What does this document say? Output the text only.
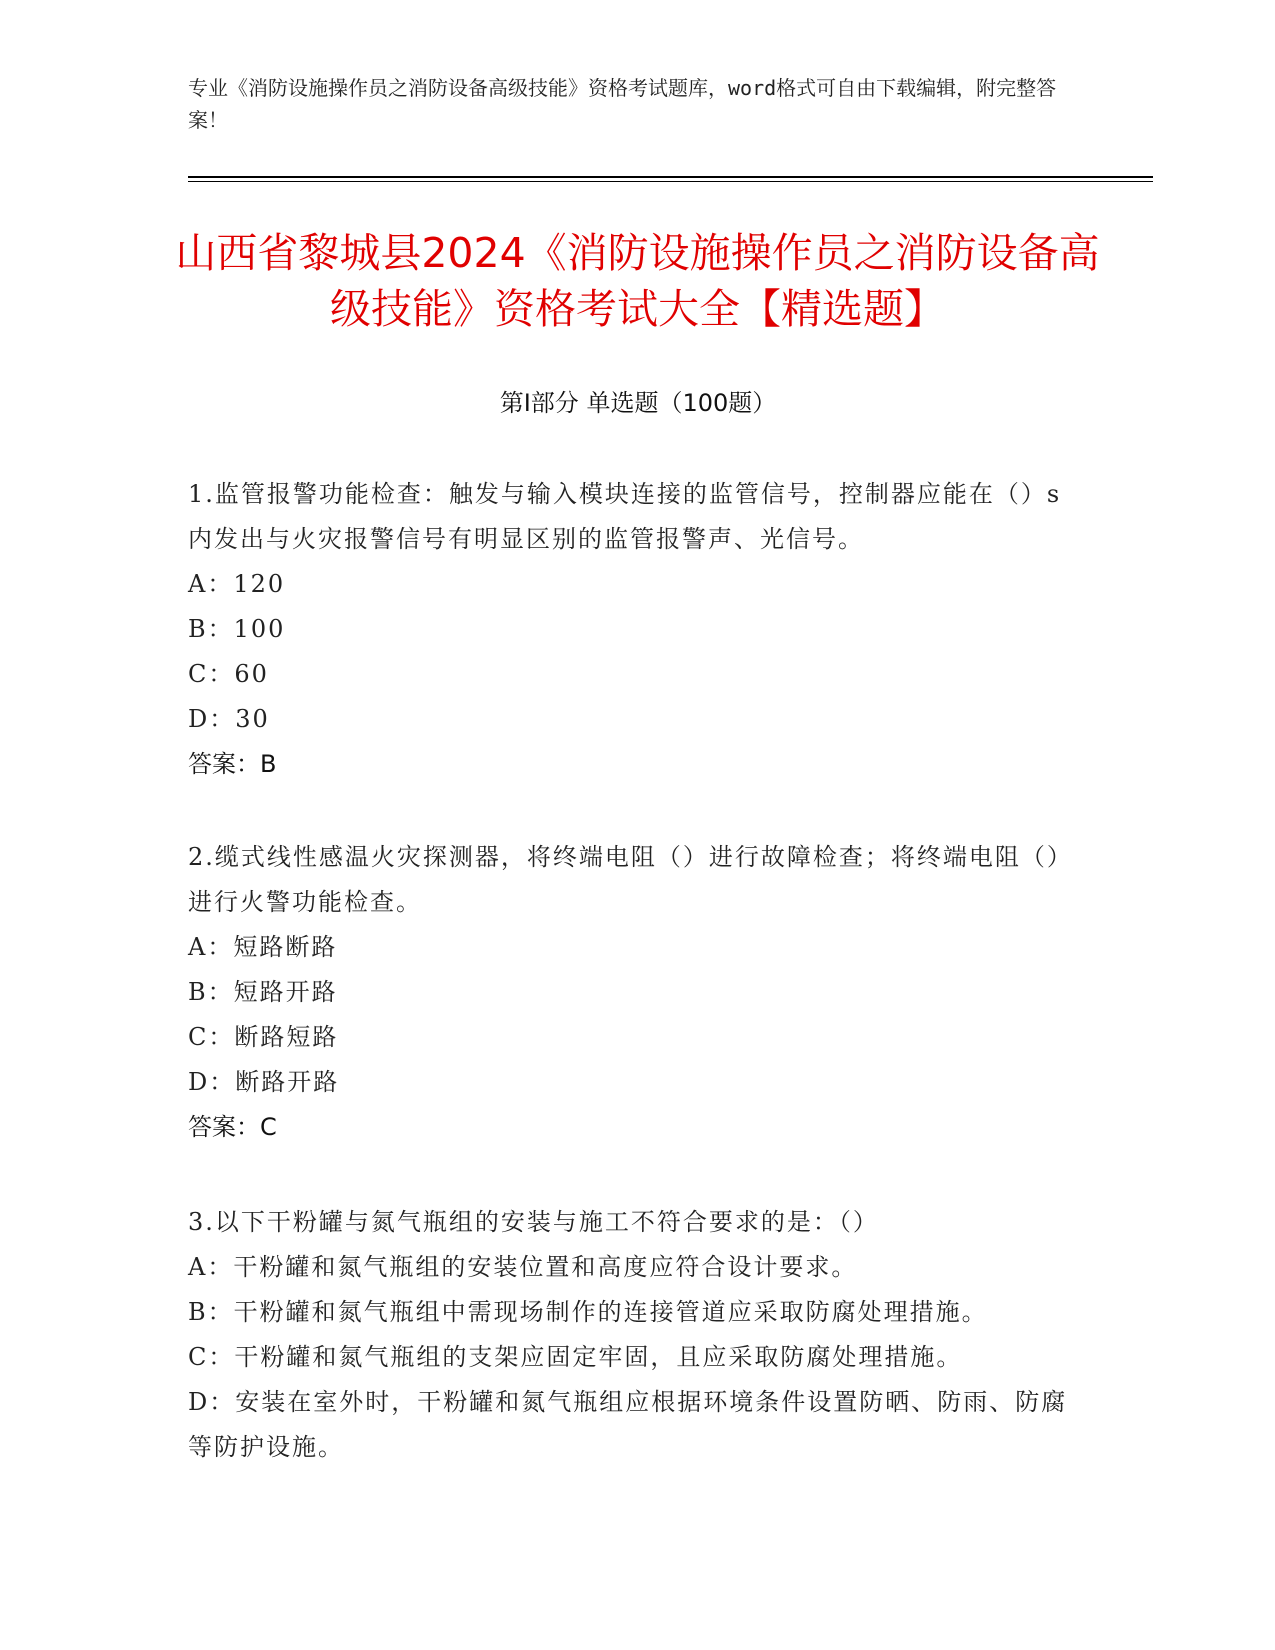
专业《消防设施操作员之消防设备高级技能》资格考试题库，word格式可自由下载编辑，附完整答案！
山西省黎城县2024《消防设施操作员之消防设备高级技能》资格考试大全【精选题】
第Ⅰ部分 单选题（100题）
1.监管报警功能检查：触发与输入模块连接的监管信号，控制器应能在（）s内发出与火灾报警信号有明显区别的监管报警声、光信号。
A：120
B：100
C：60
D：30
答案：B
2.缆式线性感温火灾探测器，将终端电阻（）进行故障检查；将终端电阻（）进行火警功能检查。
A：短路断路
B：短路开路
C：断路短路
D：断路开路
答案：C
3.以下干粉罐与氮气瓶组的安装与施工不符合要求的是：（）
A：干粉罐和氮气瓶组的安装位置和高度应符合设计要求。
B：干粉罐和氮气瓶组中需现场制作的连接管道应采取防腐处理措施。
C：干粉罐和氮气瓶组的支架应固定牢固，且应采取防腐处理措施。
D：安装在室外时，干粉罐和氮气瓶组应根据环境条件设置防晒、防雨、防腐等防护设施。
